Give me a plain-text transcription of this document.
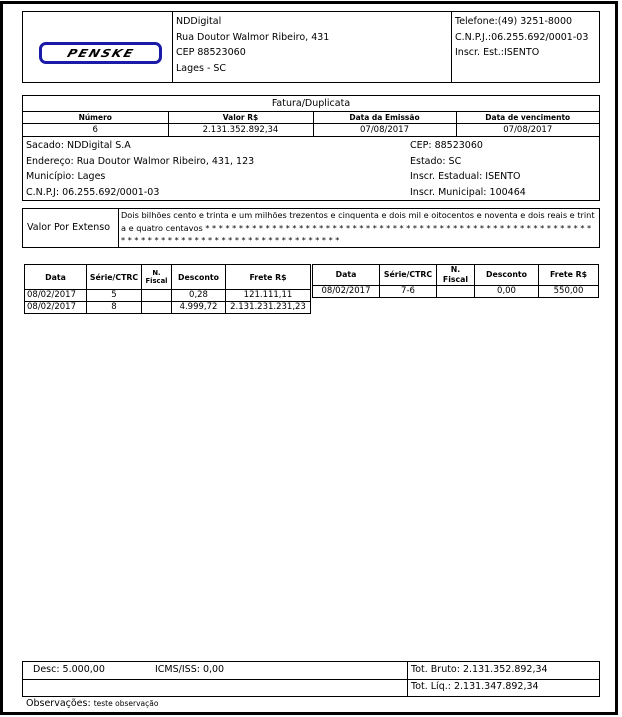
PENSKE
NDDigital
Rua Doutor Walmor Ribeiro, 431
CEP 88523060
Lages - SC
Telefone:(49) 3251-8000
C.N.P.J.:06.255.692/0001-03
Inscr. Est.:ISENTO
Fatura/Duplicata
Número	Valor R$	Data da Emissão	Data de vencimento
6	2.131.352.892,34	07/08/2017	07/08/2017
Sacado: NDDigital S.A
Endereço: Rua Doutor Walmor Ribeiro, 431, 123
Município: Lages
C.N.P.J: 06.255.692/0001-03
CEP: 88523060
Estado: SC
Inscr. Estadual: ISENTO
Inscr. Municipal: 100464
Valor Por Extenso
Dois bilhões cento e trinta e um milhões trezentos e cinquenta e dois mil e oitocentos e noventa e dois reais e trinta e quatro centavos * * * * * * * * * * * * * * * * * * * * * * * * * * * * * * * * * * * * * * * * * * * * * * * * * * * * * * * * * * * * * * * * * * * * * * * * * * * * * * * * * * * * * * * * * * *
Data	Série/CTRC	N. Fiscal	Desconto	Frete R$
08/02/2017	5		0,28	121.111,11
08/02/2017	8		4.999,72	2.131.231.231,23
Data	Série/CTRC	N. Fiscal	Desconto	Frete R$
08/02/2017	7-6		0,00	550,00
Desc: 5.000,00	ICMS/ISS: 0,00	Tot. Bruto: 2.131.352.892,34
Tot. Líq.: 2.131.347.892,34
Observações: teste observação
